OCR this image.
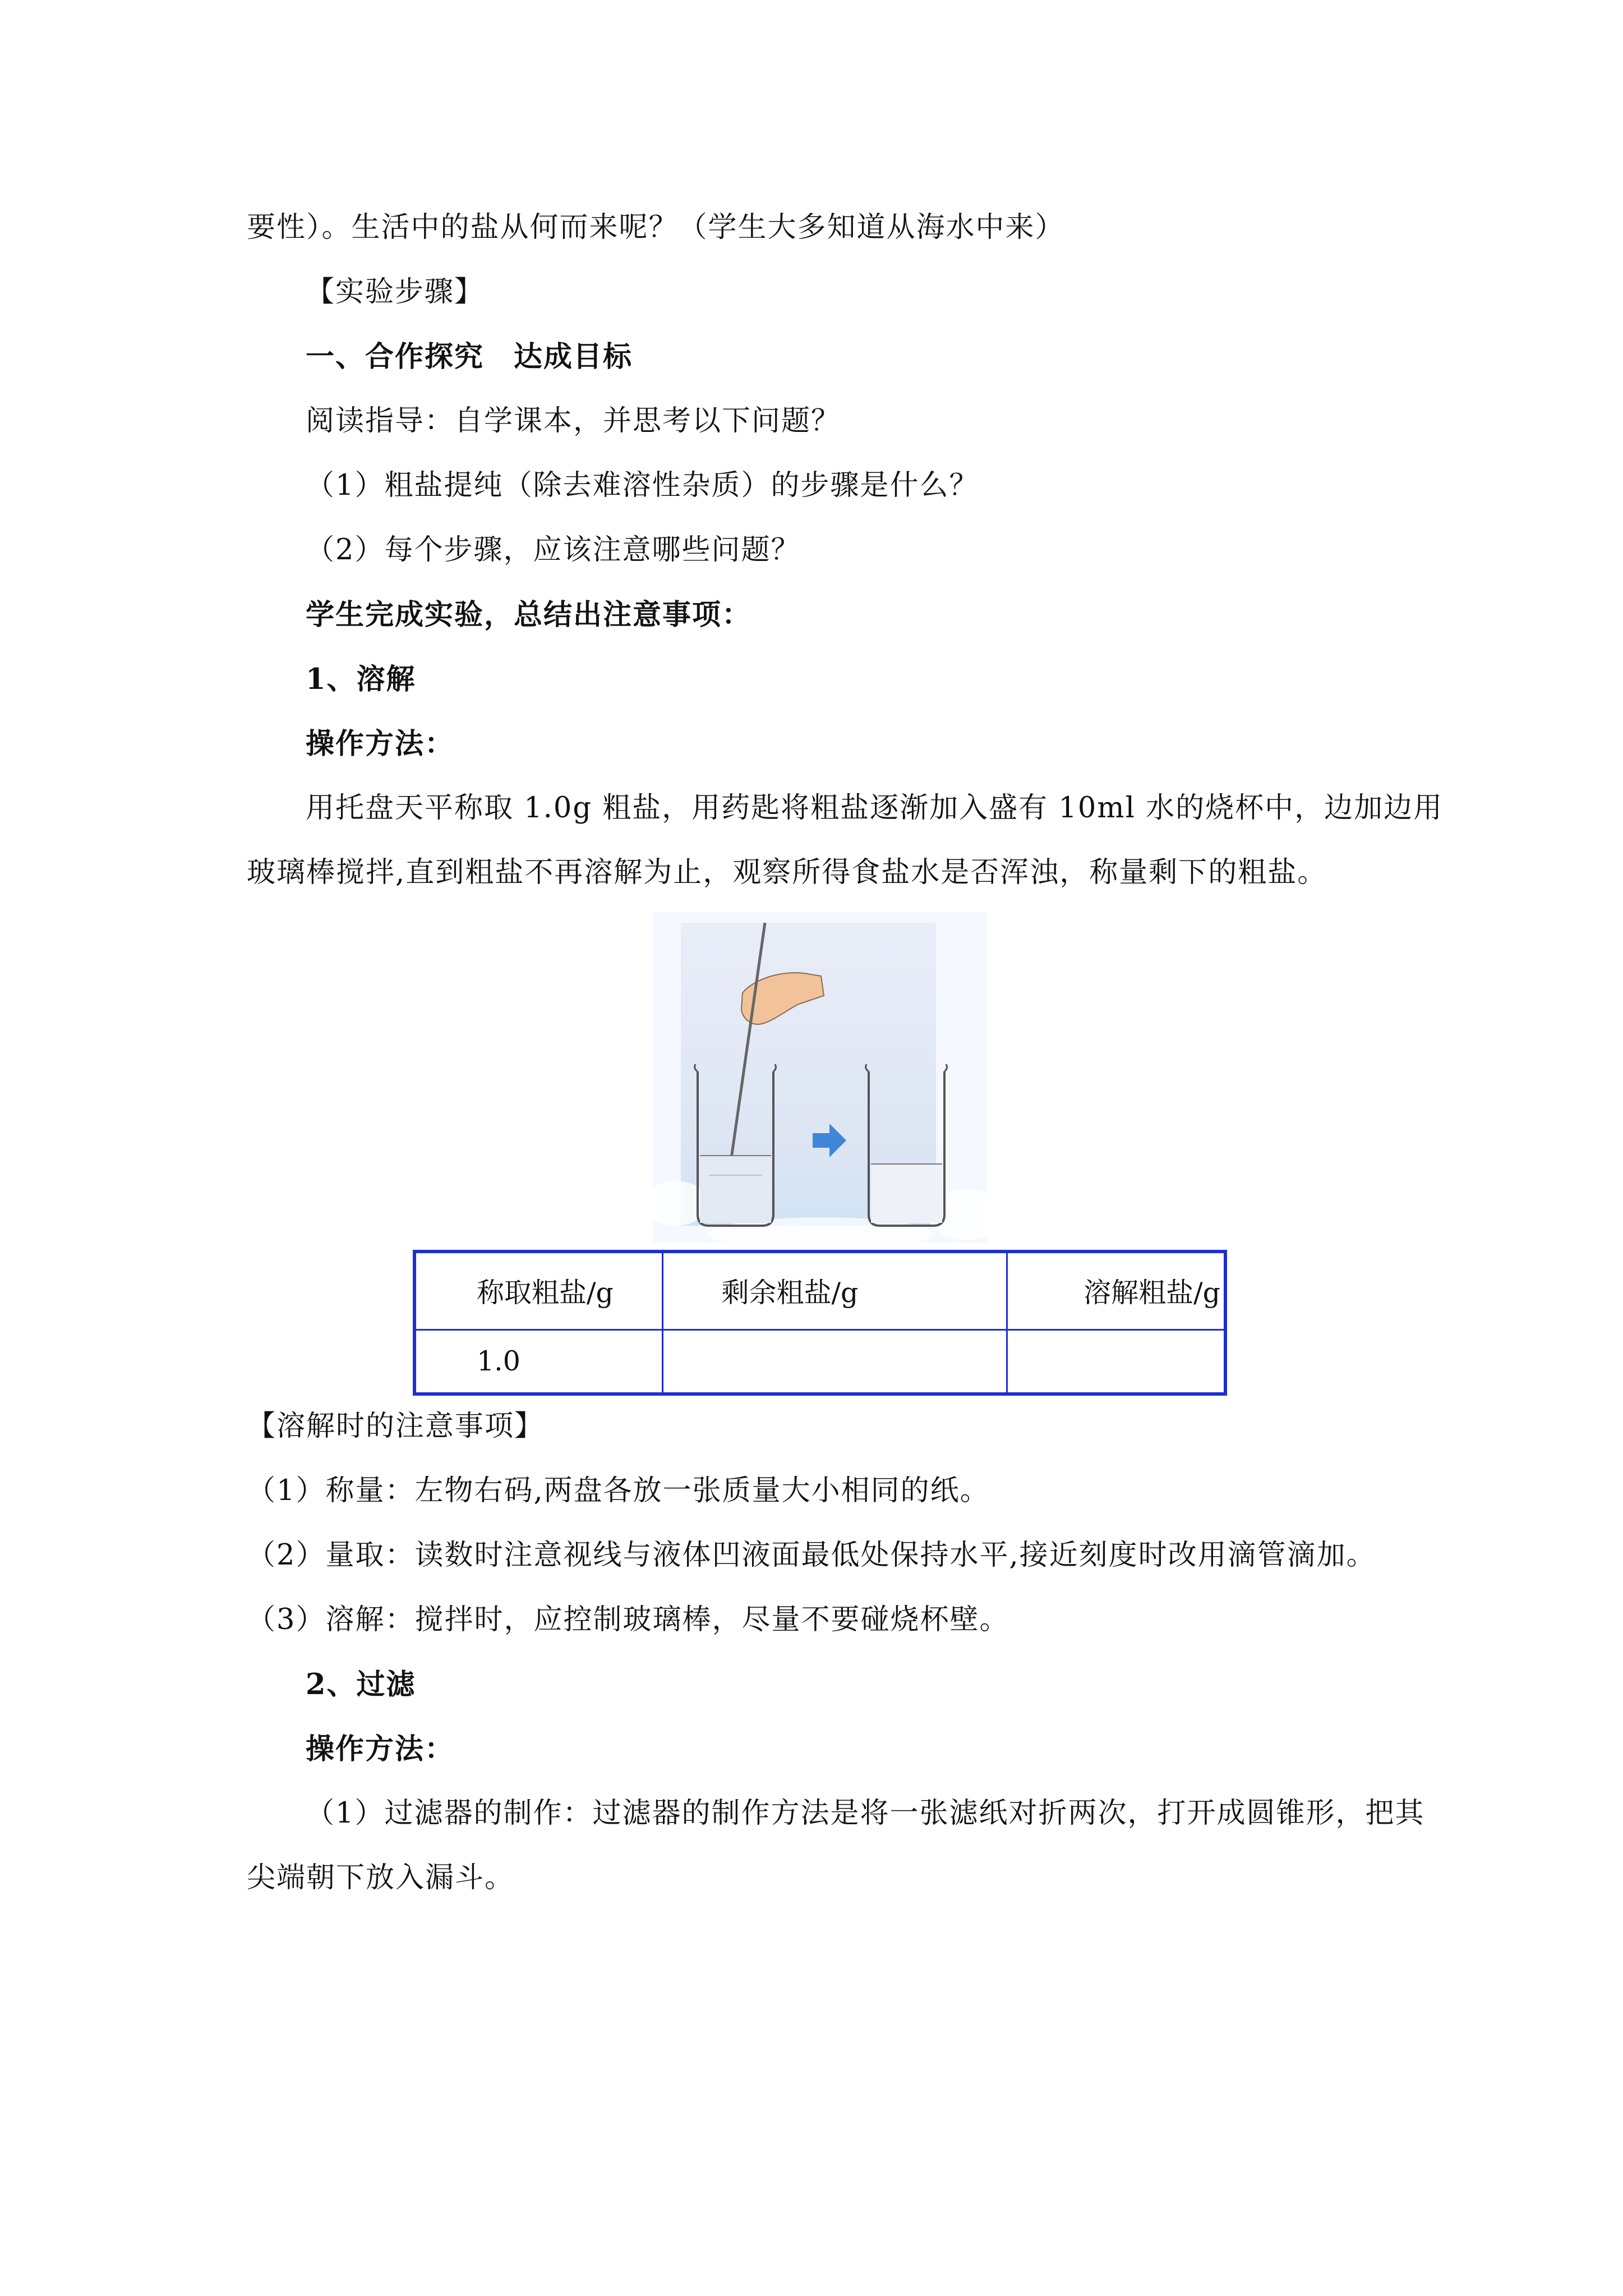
要性）。生活中的盐从何而来呢？（学生大多知道从海水中来）
【实验步骤】
一、合作探究　达成目标
阅读指导：自学课本，并思考以下问题？
（1）粗盐提纯（除去难溶性杂质）的步骤是什么？
（2）每个步骤，应该注意哪些问题？
学生完成实验，总结出注意事项：
1、溶解
操作方法：
用托盘天平称取 1.0g 粗盐，用药匙将粗盐逐渐加入盛有 10ml 水的烧杯中，边加边用
玻璃棒搅拌,直到粗盐不再溶解为止，观察所得食盐水是否浑浊，称量剩下的粗盐。
称取粗盐/g	剩余粗盐/g	溶解粗盐/g
1.0		
【溶解时的注意事项】
（1）称量：左物右码,两盘各放一张质量大小相同的纸。
（2）量取：读数时注意视线与液体凹液面最低处保持水平,接近刻度时改用滴管滴加。
（3）溶解：搅拌时，应控制玻璃棒，尽量不要碰烧杯壁。
2、过滤
操作方法：
（1）过滤器的制作：过滤器的制作方法是将一张滤纸对折两次，打开成圆锥形，把其
尖端朝下放入漏斗。
